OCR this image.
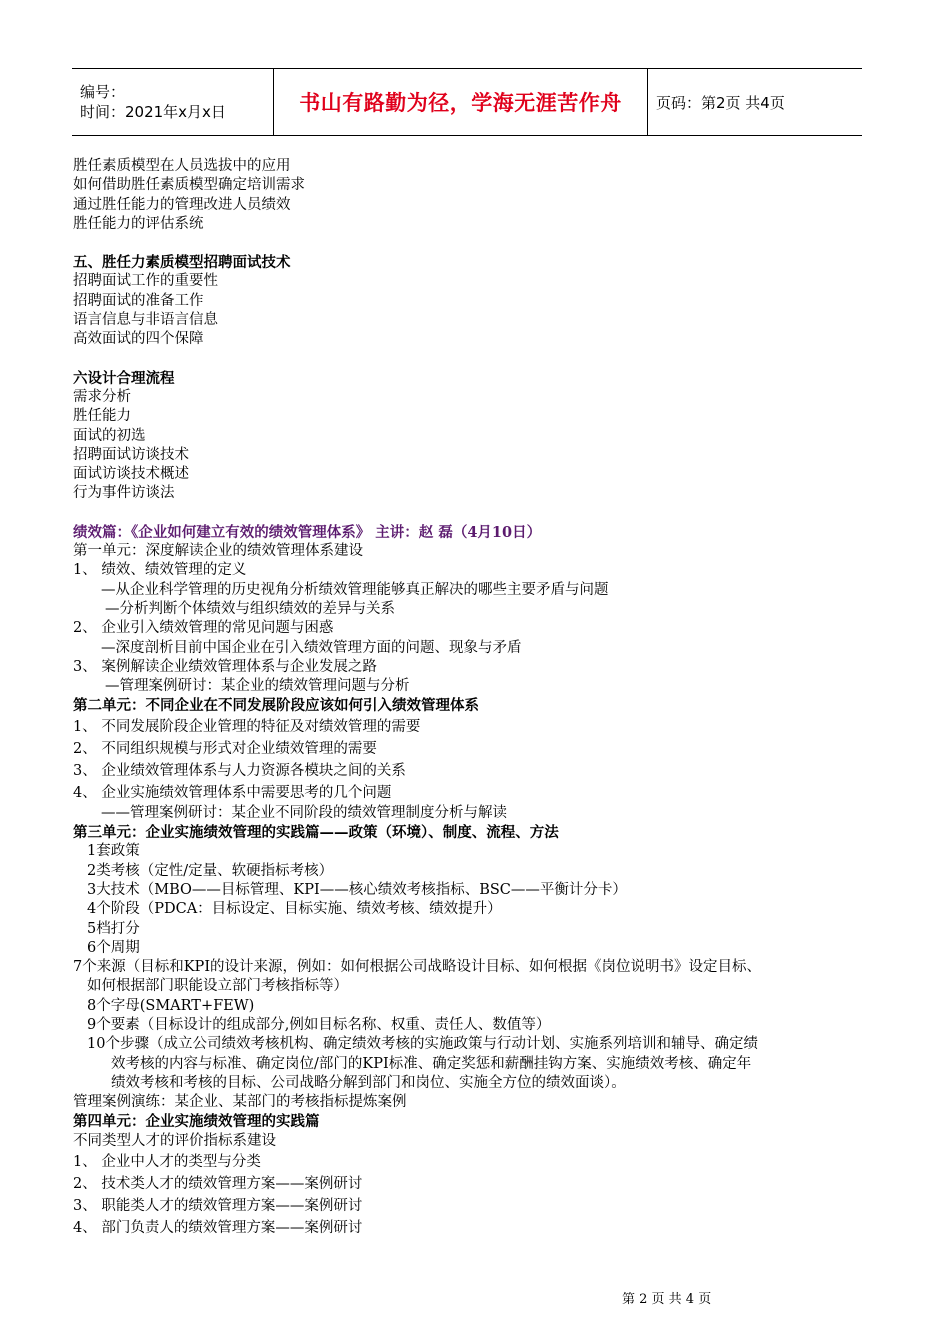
编号：
时间：2021年x月x日	书山有路勤为径，学海无涯苦作舟 页码：第2页 共4页
胜任素质模型在人员选拔中的应用
如何借助胜任素质模型确定培训需求
通过胜任能力的管理改进人员绩效
胜任能力的评估系统
五、胜任力素质模型招聘面试技术
招聘面试工作的重要性
招聘面试的准备工作
语言信息与非语言信息
高效面试的四个保障
六设计合理流程
需求分析
胜任能力
面试的初选
招聘面试访谈技术
面试访谈技术概述
行为事件访谈法
绩效篇：《企业如何建立有效的绩效管理体系》 主讲：赵 磊（4月10日）
第一单元：深度解读企业的绩效管理体系建设
1、 绩效、绩效管理的定义
—从企业科学管理的历史视角分析绩效管理能够真正解决的哪些主要矛盾与问题
—分析判断个体绩效与组织绩效的差异与关系
2、 企业引入绩效管理的常见问题与困惑
—深度剖析目前中国企业在引入绩效管理方面的问题、现象与矛盾
3、 案例解读企业绩效管理体系与企业发展之路
—管理案例研讨：某企业的绩效管理问题与分析
第二单元：不同企业在不同发展阶段应该如何引入绩效管理体系
1、 不同发展阶段企业管理的特征及对绩效管理的需要
2、 不同组织规模与形式对企业绩效管理的需要
3、 企业绩效管理体系与人力资源各模块之间的关系
4、 企业实施绩效管理体系中需要思考的几个问题
——管理案例研讨：某企业不同阶段的绩效管理制度分析与解读
第三单元：企业实施绩效管理的实践篇——政策（环境）、制度、流程、方法
1套政策
2类考核（定性/定量、软硬指标考核）
3大技术（MBO——目标管理、KPI——核心绩效考核指标、BSC——平衡计分卡）
4个阶段（PDCA：目标设定、目标实施、绩效考核、绩效提升）
5档打分
6个周期
7个来源（目标和KPI的设计来源，例如：如何根据公司战略设计目标、如何根据《岗位说明书》设定目标、
如何根据部门职能设立部门考核指标等）
8个字母(SMART+FEW)
9个要素（目标设计的组成部分,例如目标名称、权重、责任人、数值等）
10个步骤（成立公司绩效考核机构、确定绩效考核的实施政策与行动计划、实施系列培训和辅导、确定绩
效考核的内容与标准、确定岗位/部门的KPI标准、确定奖惩和薪酬挂钩方案、实施绩效考核、确定年
绩效考核和考核的目标、公司战略分解到部门和岗位、实施全方位的绩效面谈）。
管理案例演练：某企业、某部门的考核指标提炼案例
第四单元：企业实施绩效管理的实践篇
不同类型人才的评价指标系建设
1、 企业中人才的类型与分类
2、 技术类人才的绩效管理方案——案例研讨
3、 职能类人才的绩效管理方案——案例研讨
4、 部门负责人的绩效管理方案——案例研讨
第 2 页 共 4 页
